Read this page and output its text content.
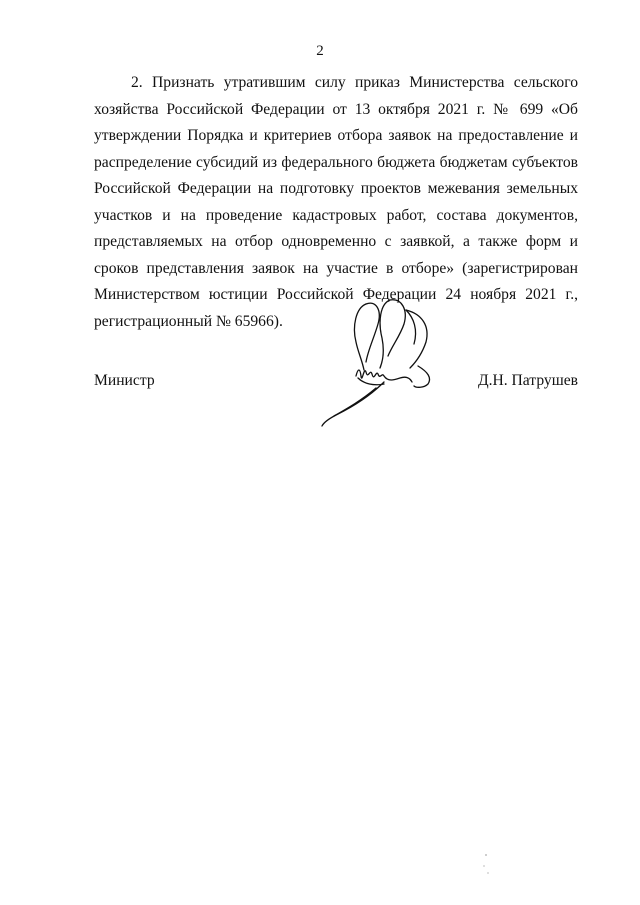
2

2. Признать утратившим силу приказ Министерства сельского хозяйства Российской Федерации от 13 октября 2021 г. № 699 «Об утверждении Порядка и критериев отбора заявок на предоставление и распределение субсидий из федерального бюджета бюджетам субъектов Российской Федерации на подготовку проектов межевания земельных участков и на проведение кадастровых работ, состава документов, представляемых на отбор одновременно с заявкой, а также форм и сроков представления заявок на участие в отборе» (зарегистрирован Министерством юстиции Российской Федерации 24 ноября 2021 г., регистрационный № 65966).

Министр	Д.Н. Патрушев
